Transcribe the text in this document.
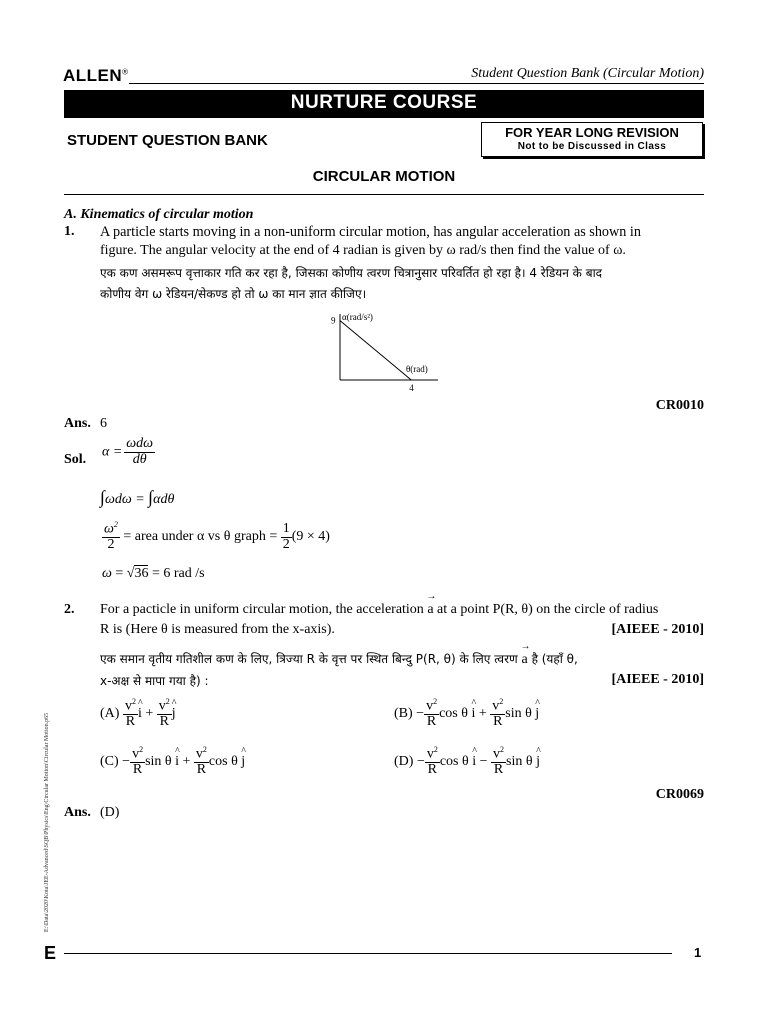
ALLEN®	Student Question Bank (Circular Motion)
NURTURE COURSE
STUDENT QUESTION BANK	FOR YEAR LONG REVISION
Not to be Discussed in Class
CIRCULAR MOTION
A. Kinematics of circular motion
1. A particle starts moving in a non-uniform circular motion, has angular acceleration as shown in
figure. The angular velocity at the end of 4 radian is given by ω rad/s then find the value of ω.
एक कण असमरूप वृत्ताकार गति कर रहा है, जिसका कोणीय त्वरण चित्रानुसार परिवर्तित हो रहा है। 4 रेडियन के बाद
कोणीय वेग ω रेडियन/सेकण्ड हो तो ω का मान ज्ञात कीजिए।
α(rad/s²)
θ(rad)
9
4
CR0010
Ans. 6
Sol.
$\alpha = \frac{\text{ωdω}}{d\theta}$
∫ωdω = ∫αdθ
$\frac{\omega^2}{2}$ = area under α vs θ graph = $\frac{1}{2} (9 \times 4)$
ω = √36 = 6 rad /s
2. For a pacticle in uniform circular motion, the acceleration → a at a point P(R, θ) on the circle of radius
R is (Here θ is measured from the x-axis).	[AIEEE - 2010]
एक समान वृतीय गतिशील कण के लिए, त्रिज्या R के वृत्त पर स्थित बिन्दु P(R, θ) के लिए त्वरण → a है (यहाँ θ,
x-अक्ष से मापा गया है) :	[AIEEE - 2010]
$(A) \frac{v^2}{R}$ ^ $i + \frac{v^2}{R}$ ^ j	$(B) - \frac{v^2}{R}$ cos θ ^ $i + \frac{v^2}{R}$ sin θ ^ j
$(C) - \frac{v^2}{R}$ sin θ ^ $i + \frac{v^2}{R}$ cos θ ^ j	$(D) - \frac{v^2}{R}$ cos θ ^ $i - \frac{v^2}{R}$ sin θ ^ j
CR0069
Ans. (D)
E:\Data\2020\Kota\JEE-Advanced\SQB\Physics\Eng\Circular Motion\Circular Motion.p65
E	1
